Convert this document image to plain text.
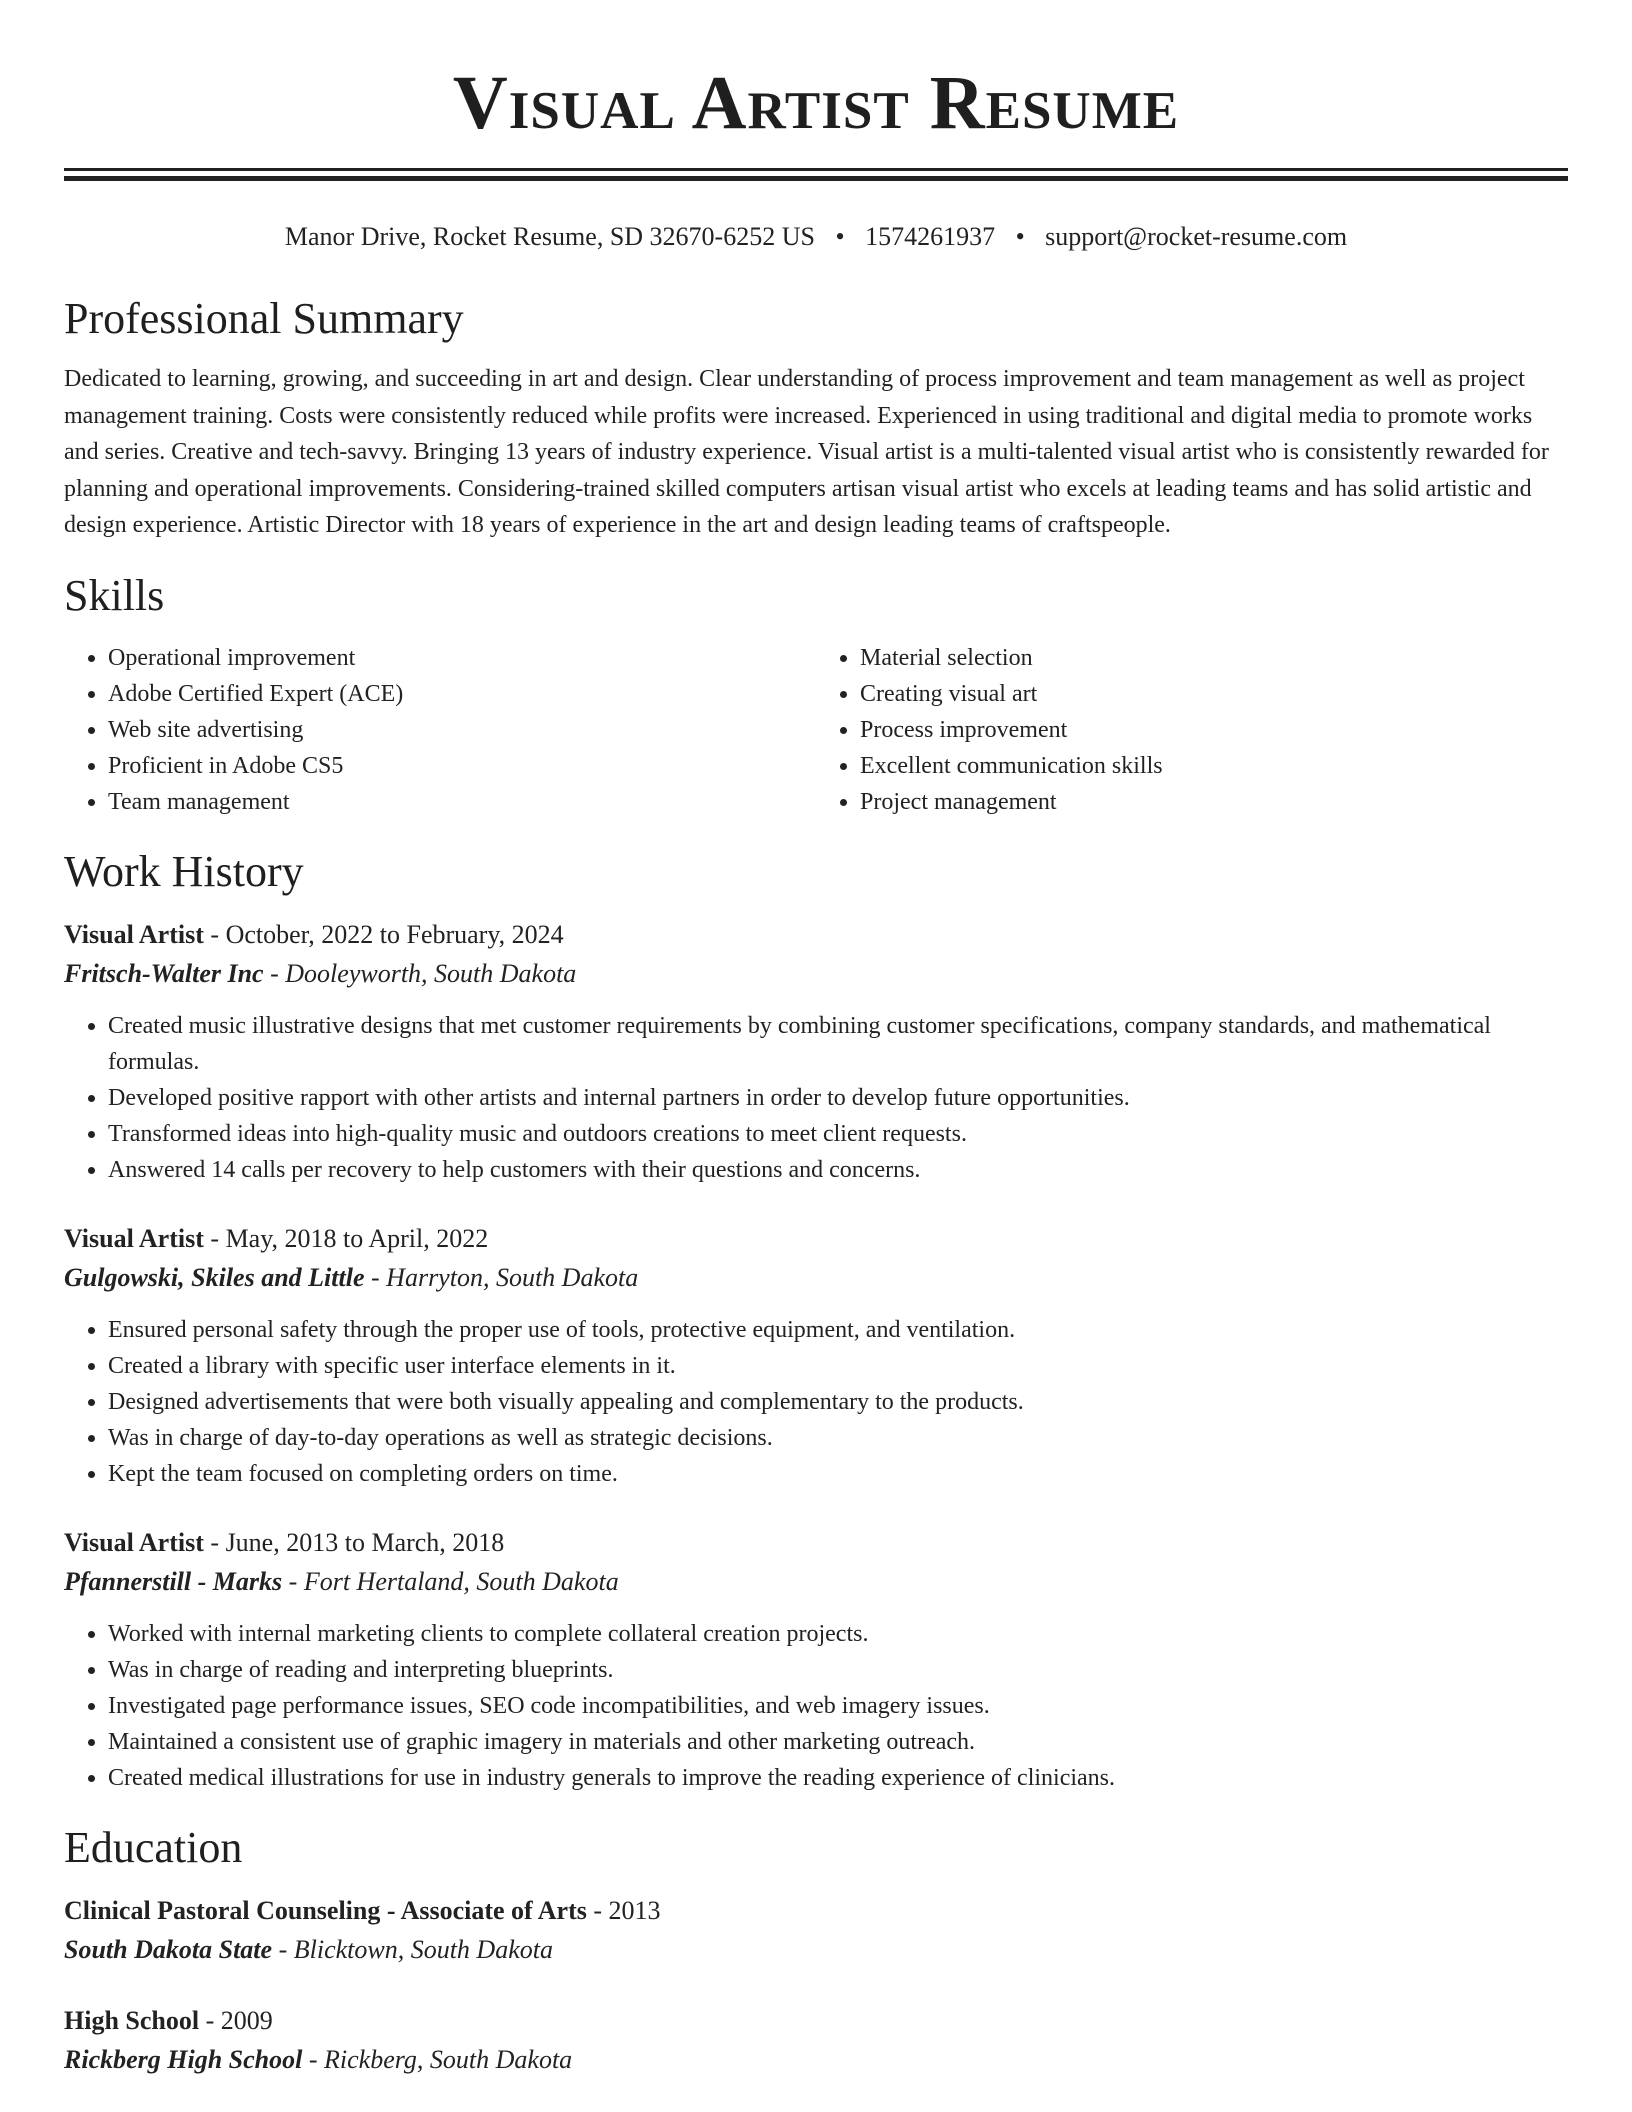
Visual Artist Resume
Manor Drive, Rocket Resume, SD 32670-6252 US • 1574261937 • support@rocket-resume.com
Professional Summary

Dedicated to learning, growing, and succeeding in art and design. Clear understanding of process improvement and team management as well as project management training. Costs were consistently reduced while profits were increased. Experienced in using traditional and digital media to promote works and series. Creative and tech-savvy. Bringing 13 years of industry experience. Visual artist is a multi-talented visual artist who is consistently rewarded for planning and operational improvements. Considering-trained skilled computers artisan visual artist who excels at leading teams and has solid artistic and design experience. Artistic Director with 18 years of experience in the art and design leading teams of craftspeople.

Skills
• Operational improvement
• Adobe Certified Expert (ACE)
• Web site advertising
• Proficient in Adobe CS5
• Team management
• Material selection
• Creating visual art
• Process improvement
• Excellent communication skills
• Project management
Work History
Visual Artist - October, 2022 to February, 2024
Fritsch-Walter Inc - Dooleyworth, South Dakota
• Created music illustrative designs that met customer requirements by combining customer specifications, company standards, and mathematical formulas.
• Developed positive rapport with other artists and internal partners in order to develop future opportunities.
• Transformed ideas into high-quality music and outdoors creations to meet client requests.
• Answered 14 calls per recovery to help customers with their questions and concerns.
Visual Artist - May, 2018 to April, 2022
Gulgowski, Skiles and Little - Harryton, South Dakota
• Ensured personal safety through the proper use of tools, protective equipment, and ventilation.
• Created a library with specific user interface elements in it.
• Designed advertisements that were both visually appealing and complementary to the products.
• Was in charge of day-to-day operations as well as strategic decisions.
• Kept the team focused on completing orders on time.
Visual Artist - June, 2013 to March, 2018
Pfannerstill - Marks - Fort Hertaland, South Dakota
• Worked with internal marketing clients to complete collateral creation projects.
• Was in charge of reading and interpreting blueprints.
• Investigated page performance issues, SEO code incompatibilities, and web imagery issues.
• Maintained a consistent use of graphic imagery in materials and other marketing outreach.
• Created medical illustrations for use in industry generals to improve the reading experience of clinicians.
Education
Clinical Pastoral Counseling - Associate of Arts - 2013
South Dakota State - Blicktown, South Dakota
High School - 2009
Rickberg High School - Rickberg, South Dakota
